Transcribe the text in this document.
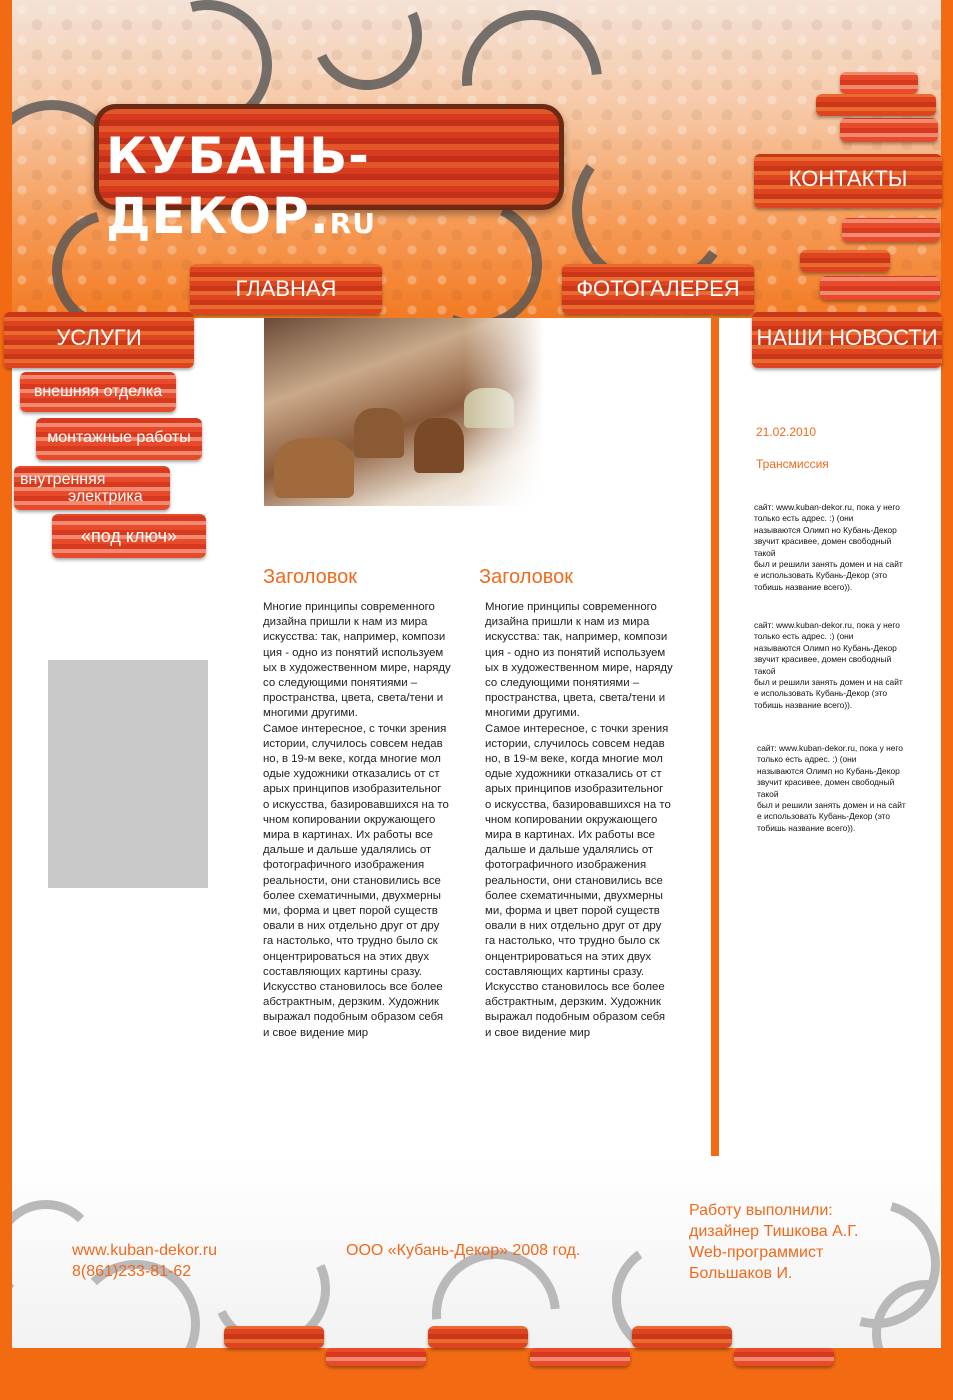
КУБАНЬ-ДЕКОР.RU
КОНТАКТЫ
ГЛАВНАЯ	ФОТОГАЛЕРЕЯ
УСЛУГИ	НАШИ НОВОСТИ
внешняя отделка
монтажные работы
внутренняя
электрика
«под ключ»
Заголовок
Многие принципы современного
дизайна пришли к нам из мира
искусства: так, например, компози
ция - одно из понятий используем
ых в художественном мире, наряду
со следующими понятиями –
пространства, цвета, света/тени и
многими другими.
Самое интересное, с точки зрения
истории, случилось совсем недав
но, в 19-м веке, когда многие мол
одые художники отказались от ст
арых принципов изобразительног
о искусства, базировавшихся на то
чном копировании окружающего
мира в картинах. Их работы все
дальше и дальше удалялись от
фотографичного изображения
реальности, они становились все
более схематичными, двухмерны
ми, форма и цвет порой существ
овали в них отдельно друг от дру
га настолько, что трудно было ск
онцентрироваться на этих двух
составляющих картины сразу.
Искусство становилось все более
абстрактным, дерзким. Художник
выражал подобным образом себя
и свое видение мир
Заголовок
Многие принципы современного
дизайна пришли к нам из мира
искусства: так, например, компози
ция - одно из понятий используем
ых в художественном мире, наряду
со следующими понятиями –
пространства, цвета, света/тени и
многими другими.
Самое интересное, с точки зрения
истории, случилось совсем недав
но, в 19-м веке, когда многие мол
одые художники отказались от ст
арых принципов изобразительног
о искусства, базировавшихся на то
чном копировании окружающего
мира в картинах. Их работы все
дальше и дальше удалялись от
фотографичного изображения
реальности, они становились все
более схематичными, двухмерны
ми, форма и цвет порой существ
овали в них отдельно друг от дру
га настолько, что трудно было ск
онцентрироваться на этих двух
составляющих картины сразу.
Искусство становилось все более
абстрактным, дерзким. Художник
выражал подобным образом себя
и свое видение мир
21.02.2010
Трансмиссия
сайт: www.kuban-dekor.ru, пока у него
только есть адрес. :) (они
называются Олимп но Кубань-Декор
звучит красивее, домен свободный
такой
был и решили занять домен и на сайт
е использовать Кубань-Декор (это
тобишь название всего)).
сайт: www.kuban-dekor.ru, пока у него
только есть адрес. :) (они
называются Олимп но Кубань-Декор
звучит красивее, домен свободный
такой
был и решили занять домен и на сайт
е использовать Кубань-Декор (это
тобишь название всего)).
сайт: www.kuban-dekor.ru, пока у него
только есть адрес. :) (они
называются Олимп но Кубань-Декор
звучит красивее, домен свободный
такой
был и решили занять домен и на сайт
е использовать Кубань-Декор (это
тобишь название всего)).
www.kuban-dekor.ru
8(861)233-81-62
ООО «Кубань-Декор» 2008 год.
Работу выполнили:
дизайнер Тишкова А.Г.
Web-программист
Большаков И.
